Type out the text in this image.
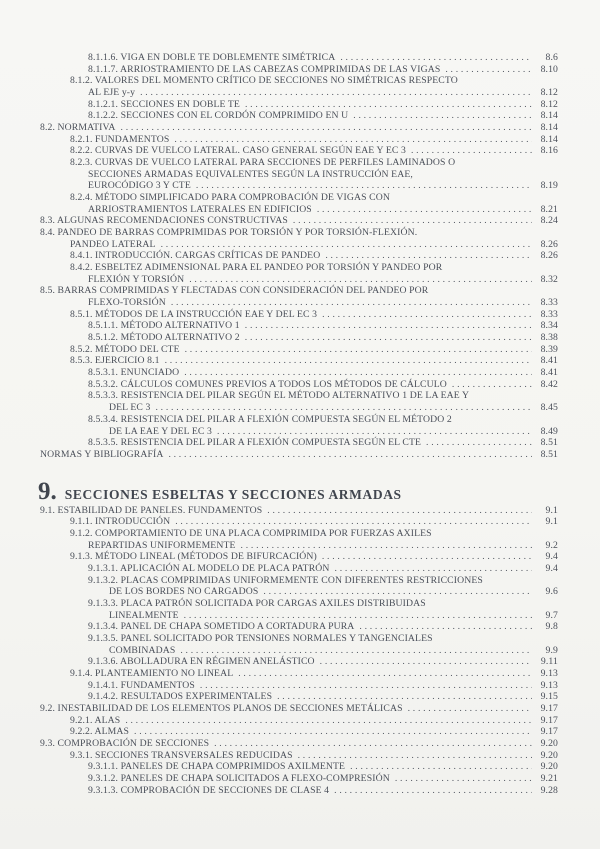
8.1.1.6. VIGA EN DOBLE TE DOBLEMENTE SIMÉTRICA .....	8.6
8.1.1.7. ARRIOSTRAMIENTO DE LAS CABEZAS COMPRIMIDAS DE LAS VIGAS .....	8.10
8.1.2. VALORES DEL MOMENTO CRÍTICO DE SECCIONES NO SIMÉTRICAS RESPECTO
AL EJE y-y .....	8.12
8.1.2.1. SECCIONES EN DOBLE TE .....	8.12
8.1.2.2. SECCIONES CON EL CORDÓN COMPRIMIDO EN U .....	8.14
8.2. NORMATIVA .....	8.14
8.2.1. FUNDAMENTOS .....	8.14
8.2.2. CURVAS DE VUELCO LATERAL. CASO GENERAL SEGÚN EAE Y EC 3 .....	8.16
8.2.3. CURVAS DE VUELCO LATERAL PARA SECCIONES DE PERFILES LAMINADOS O
SECCIONES ARMADAS EQUIVALENTES SEGÚN LA INSTRUCCIÓN EAE,
EUROCÓDIGO 3 Y CTE .....	8.19
8.2.4. MÉTODO SIMPLIFICADO PARA COMPROBACIÓN DE VIGAS CON
ARRIOSTRAMIENTOS LATERALES EN EDIFICIOS .....	8.21
8.3. ALGUNAS RECOMENDACIONES CONSTRUCTIVAS .....	8.24
8.4. PANDEO DE BARRAS COMPRIMIDAS POR TORSIÓN Y POR TORSIÓN-FLEXIÓN.
PANDEO LATERAL .....	8.26
8.4.1. INTRODUCCIÓN. CARGAS CRÍTICAS DE PANDEO .....	8.26
8.4.2. ESBELTEZ ADIMENSIONAL PARA EL PANDEO POR TORSIÓN Y PANDEO POR
FLEXIÓN Y TORSIÓN .....	8.32
8.5. BARRAS COMPRIMIDAS Y FLECTADAS CON CONSIDERACIÓN DEL PANDEO POR
FLEXO-TORSIÓN .....	8.33
8.5.1. MÉTODOS DE LA INSTRUCCIÓN EAE Y DEL EC 3 .....	8.33
8.5.1.1. MÉTODO ALTERNATIVO 1 .....	8.34
8.5.1.2. MÉTODO ALTERNATIVO 2 .....	8.38
8.5.2. MÉTODO DEL CTE .....	8.39
8.5.3. EJERCICIO 8.1 .....	8.41
8.5.3.1. ENUNCIADO .....	8.41
8.5.3.2. CÁLCULOS COMUNES PREVIOS A TODOS LOS MÉTODOS DE CÁLCULO .....	8.42
8.5.3.3. RESISTENCIA DEL PILAR SEGÚN EL MÉTODO ALTERNATIVO 1 DE LA EAE Y
DEL EC 3 .....	8.45
8.5.3.4. RESISTENCIA DEL PILAR A FLEXIÓN COMPUESTA SEGÚN EL MÉTODO 2
DE LA EAE Y DEL EC 3 .....	8.49
8.5.3.5. RESISTENCIA DEL PILAR A FLEXIÓN COMPUESTA SEGÚN EL CTE .....	8.51
NORMAS Y BIBLIOGRAFÍA .....	8.51
9. SECCIONES ESBELTAS Y SECCIONES ARMADAS
9.1. ESTABILIDAD DE PANELES. FUNDAMENTOS .....	9.1
9.1.1. INTRODUCCIÓN .....	9.1
9.1.2. COMPORTAMIENTO DE UNA PLACA COMPRIMIDA POR FUERZAS AXILES
REPARTIDAS UNIFORMEMENTE .....	9.2
9.1.3. MÉTODO LINEAL (MÉTODOS DE BIFURCACIÓN) .....	9.4
9.1.3.1. APLICACIÓN AL MODELO DE PLACA PATRÓN .....	9.4
9.1.3.2. PLACAS COMPRIMIDAS UNIFORMEMENTE CON DIFERENTES RESTRICCIONES
DE LOS BORDES NO CARGADOS .....	9.6
9.1.3.3. PLACA PATRÓN SOLICITADA POR CARGAS AXILES DISTRIBUIDAS
LINEALMENTE .....	9.7
9.1.3.4. PANEL DE CHAPA SOMETIDO A CORTADURA PURA .....	9.8
9.1.3.5. PANEL SOLICITADO POR TENSIONES NORMALES Y TANGENCIALES
COMBINADAS .....	9.9
9.1.3.6. ABOLLADURA EN RÉGIMEN ANELÁSTICO .....	9.11
9.1.4. PLANTEAMIENTO NO LINEAL .....	9.13
9.1.4.1. FUNDAMENTOS .....	9.13
9.1.4.2. RESULTADOS EXPERIMENTALES .....	9.15
9.2. INESTABILIDAD DE LOS ELEMENTOS PLANOS DE SECCIONES METÁLICAS .....	9.17
9.2.1. ALAS .....	9.17
9.2.2. ALMAS .....	9.17
9.3. COMPROBACIÓN DE SECCIONES .....	9.20
9.3.1. SECCIONES TRANSVERSALES REDUCIDAS .....	9.20
9.3.1.1. PANELES DE CHAPA COMPRIMIDOS AXILMENTE .....	9.20
9.3.1.2. PANELES DE CHAPA SOLICITADOS A FLEXO-COMPRESIÓN .....	9.21
9.3.1.3. COMPROBACIÓN DE SECCIONES DE CLASE 4 .....	9.28
